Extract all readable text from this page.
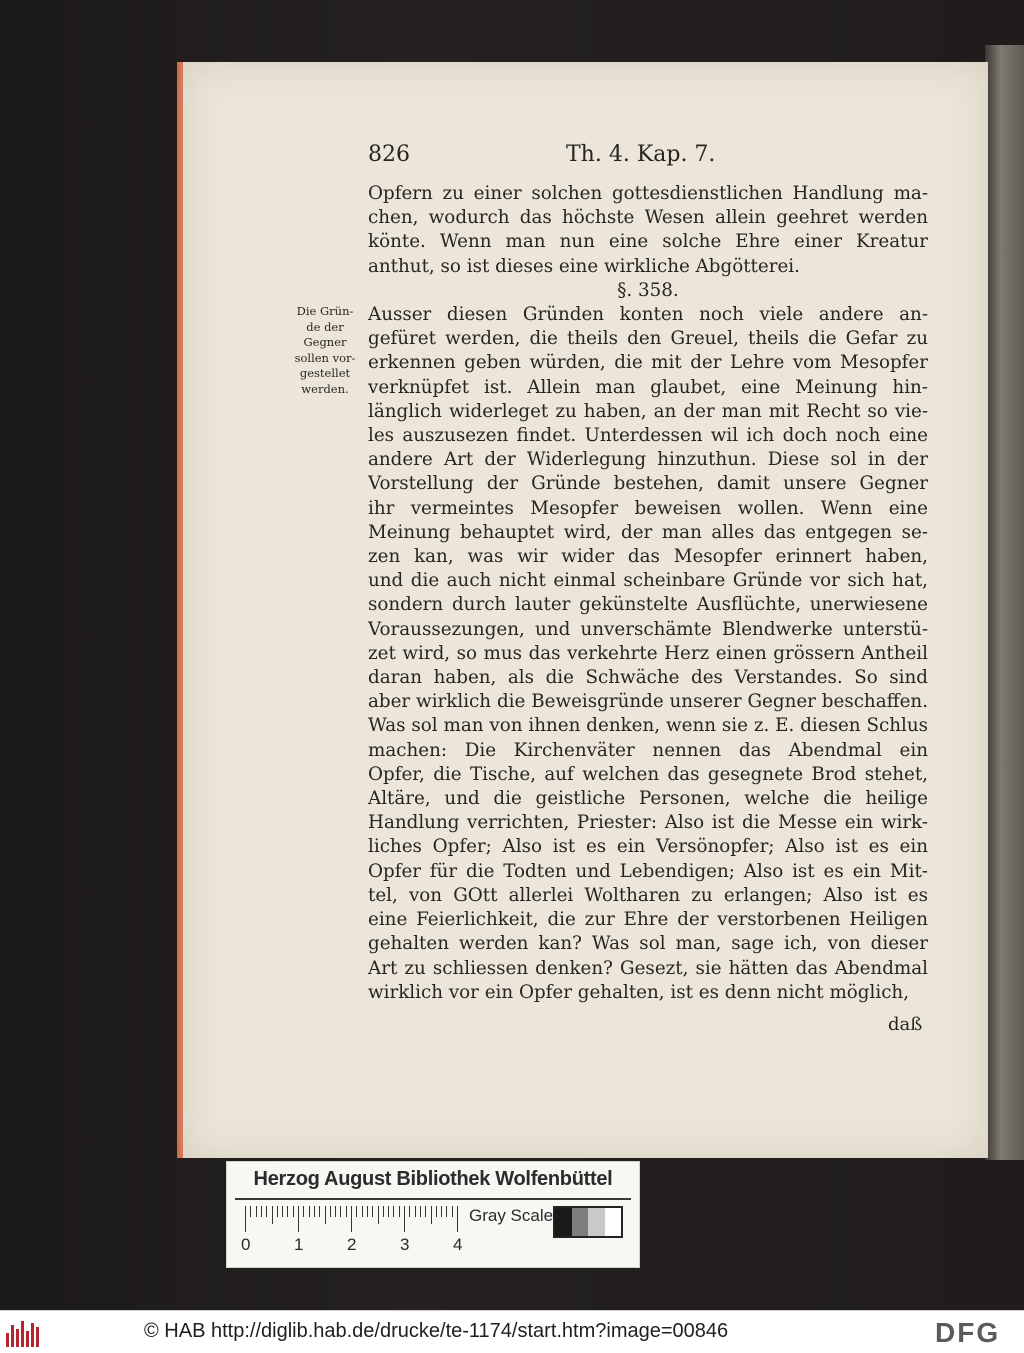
826	Th. 4. Kap. 7.
Die Grün-
de der
Gegner
sollen vor-
gestellet
werden.
Opfern zu einer solchen gottesdienstlichen Handlung ma-
chen, wodurch das höchste Wesen allein geehret werden
könte. Wenn man nun eine solche Ehre einer Kreatur
anthut, so ist dieses eine wirkliche Abgötterei.
§. 358.
Ausser diesen Gründen konten noch viele andere an-
gefüret werden, die theils den Greuel, theils die Gefar zu
erkennen geben würden, die mit der Lehre vom Mesopfer
verknüpfet ist. Allein man glaubet, eine Meinung hin-
länglich widerleget zu haben, an der man mit Recht so vie-
les auszusezen findet. Unterdessen wil ich doch noch eine
andere Art der Widerlegung hinzuthun. Diese sol in der
Vorstellung der Gründe bestehen, damit unsere Gegner
ihr vermeintes Mesopfer beweisen wollen. Wenn eine
Meinung behauptet wird, der man alles das entgegen se-
zen kan, was wir wider das Mesopfer erinnert haben,
und die auch nicht einmal scheinbare Gründe vor sich hat,
sondern durch lauter gekünstelte Ausflüchte, unerwiesene
Voraussezungen, und unverschämte Blendwerke unterstü-
zet wird, so mus das verkehrte Herz einen grössern Antheil
daran haben, als die Schwäche des Verstandes. So sind
aber wirklich die Beweisgründe unserer Gegner beschaffen.
Was sol man von ihnen denken, wenn sie z. E. diesen Schlus
machen: Die Kirchenväter nennen das Abendmal ein
Opfer, die Tische, auf welchen das gesegnete Brod stehet,
Altäre, und die geistliche Personen, welche die heilige
Handlung verrichten, Priester: Also ist die Messe ein wirk-
liches Opfer; Also ist es ein Versönopfer; Also ist es ein
Opfer für die Todten und Lebendigen; Also ist es ein Mit-
tel, von GOtt allerlei Woltharen zu erlangen; Also ist es
eine Feierlichkeit, die zur Ehre der verstorbenen Heiligen
gehalten werden kan? Was sol man, sage ich, von dieser
Art zu schliessen denken? Gesezt, sie hätten das Abendmal
wirklich vor ein Opfer gehalten, ist es denn nicht möglich,
daß
Herzog August Bibliothek Wolfenbüttel
0	1	2	3	4
Gray Scale
© HAB http://diglib.hab.de/drucke/te-1174/start.htm?image=00846	DFG
